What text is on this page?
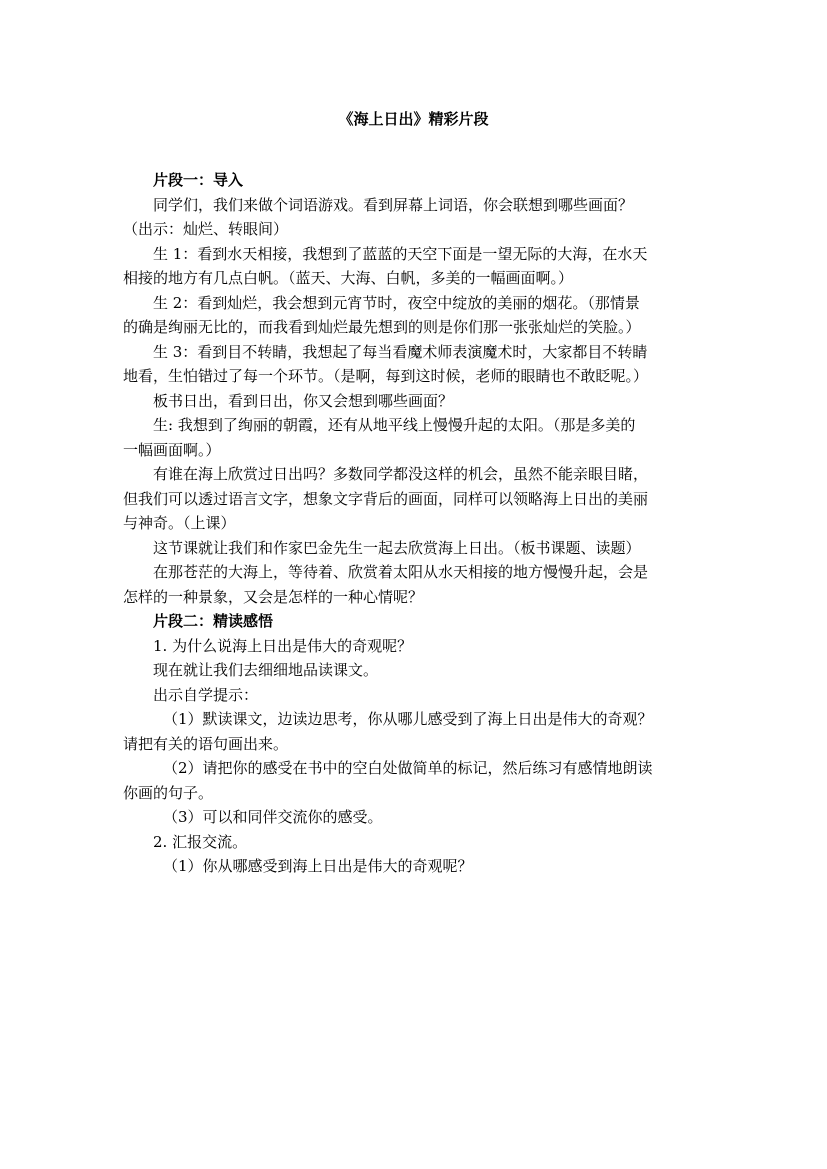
《海上日出》精彩片段

片段一：导入

同学们，我们来做个词语游戏。看到屏幕上词语，你会联想到哪些画面？

（出示：灿烂、转眼间）

生 1：看到水天相接，我想到了蓝蓝的天空下面是一望无际的大海，在水天

相接的地方有几点白帆。（蓝天、大海、白帆，多美的一幅画面啊。）

生 2：看到灿烂，我会想到元宵节时，夜空中绽放的美丽的烟花。（那情景

的确是绚丽无比的，而我看到灿烂最先想到的则是你们那一张张灿烂的笑脸。）

生 3：看到目不转睛，我想起了每当看魔术师表演魔术时，大家都目不转睛

地看，生怕错过了每一个环节。（是啊，每到这时候，老师的眼睛也不敢眨呢。）

板书日出，看到日出，你又会想到哪些画面？

生: 我想到了绚丽的朝霞，还有从地平线上慢慢升起的太阳。（那是多美的

一幅画面啊。）

有谁在海上欣赏过日出吗？多数同学都没这样的机会，虽然不能亲眼目睹，

但我们可以透过语言文字，想象文字背后的画面，同样可以领略海上日出的美丽

与神奇。（上课）

这节课就让我们和作家巴金先生一起去欣赏海上日出。（板书课题、读题）

在那苍茫的大海上，等待着、欣赏着太阳从水天相接的地方慢慢升起，会是

怎样的一种景象，又会是怎样的一种心情呢？

片段二：精读感悟

1. 为什么说海上日出是伟大的奇观呢？

现在就让我们去细细地品读课文。

出示自学提示：

（1）默读课文，边读边思考，你从哪儿感受到了海上日出是伟大的奇观？

请把有关的语句画出来。

（2）请把你的感受在书中的空白处做简单的标记，然后练习有感情地朗读

你画的句子。

（3）可以和同伴交流你的感受。

2. 汇报交流。

（1）你从哪感受到海上日出是伟大的奇观呢？
